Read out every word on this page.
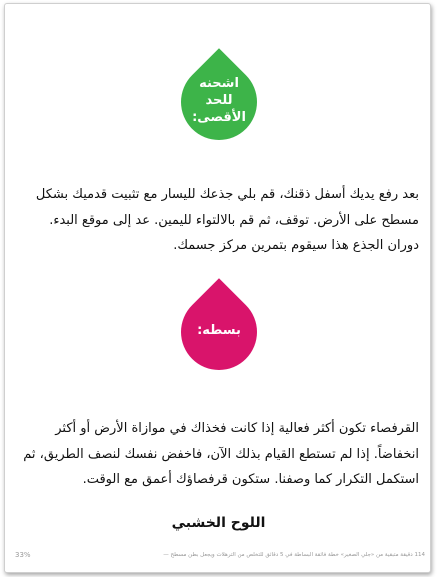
اشحنه
للحد
الأقصى:
بعد رفع يديك أسفل ذقنك، قم بلي جذعك لليسار مع تثبيت قدميك بشكل مسطح على الأرض. توقف، ثم قم بالالتواء لليمين. عد إلى موقع البدء. دوران الجذع هذا سيقوم بتمرين مركز جسمك.
بسطه:
القرفصاء تكون أكثر فعالية إذا كانت فخذاك في موازاة الأرض أو أكثر انخفاضاً. إذا لم تستطع القيام بذلك الآن، فاخفض نفسك لنصف الطريق، ثم استكمل التكرار كما وصفنا. ستكون قرفصاؤك أعمق مع الوقت.
اللوح الخشبي
114 دقيقة متبقية من «جلّي الصغير» خطة فائقة البساطة في 5 دقائق للتخلص من الترهلات ويجعل بطن مسطح —
33%
